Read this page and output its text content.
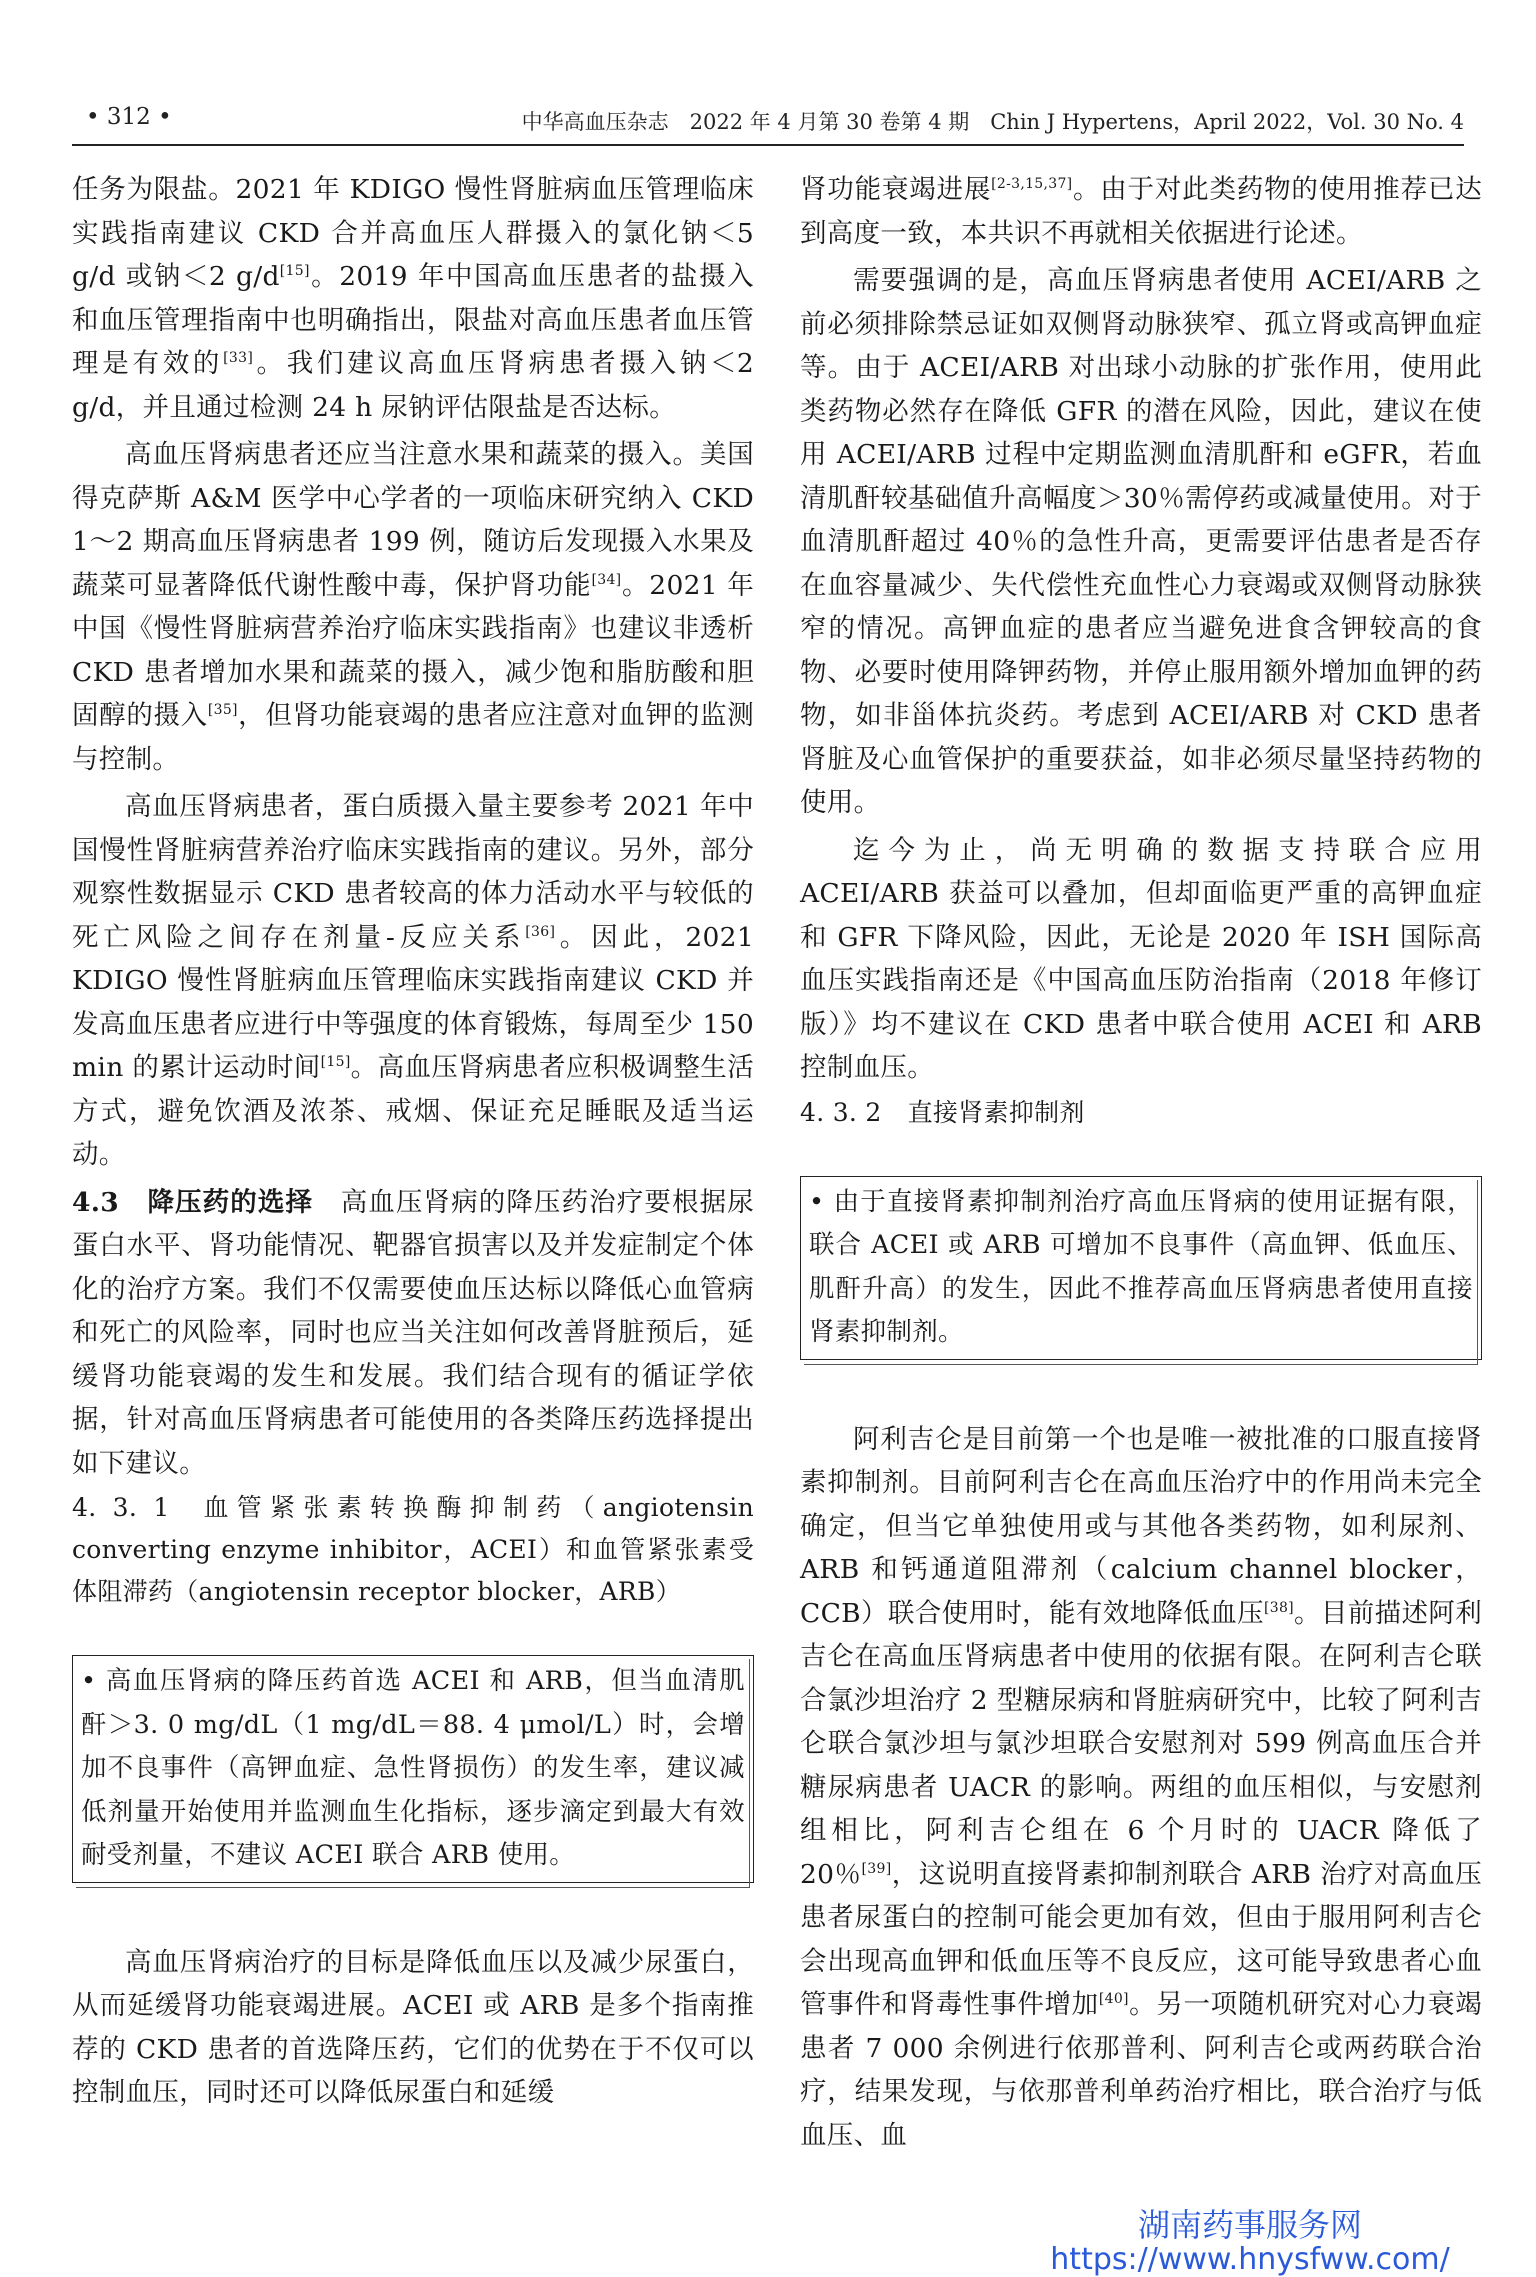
• 312 •	中华高血压杂志　2022 年 4 月第 30 卷第 4 期　Chin J Hypertens，April 2022，Vol. 30 No. 4

任务为限盐。2021 年 KDIGO 慢性肾脏病血压管理临床实践指南建议 CKD 合并高血压人群摄入的氯化钠＜5 g/d 或钠＜2 g/d[15]。2019 年中国高血压患者的盐摄入和血压管理指南中也明确指出，限盐对高血压患者血压管理是有效的[33]。我们建议高血压肾病患者摄入钠＜2 g/d，并且通过检测 24 h 尿钠评估限盐是否达标。

高血压肾病患者还应当注意水果和蔬菜的摄入。美国得克萨斯 A&M 医学中心学者的一项临床研究纳入 CKD 1～2 期高血压肾病患者 199 例，随访后发现摄入水果及蔬菜可显著降低代谢性酸中毒，保护肾功能[34]。2021 年中国《慢性肾脏病营养治疗临床实践指南》也建议非透析 CKD 患者增加水果和蔬菜的摄入，减少饱和脂肪酸和胆固醇的摄入[35]，但肾功能衰竭的患者应注意对血钾的监测与控制。

高血压肾病患者，蛋白质摄入量主要参考 2021 年中国慢性肾脏病营养治疗临床实践指南的建议。另外，部分观察性数据显示 CKD 患者较高的体力活动水平与较低的死亡风险之间存在剂量-反应关系[36]。因此，2021 KDIGO 慢性肾脏病血压管理临床实践指南建议 CKD 并发高血压患者应进行中等强度的体育锻炼，每周至少 150 min 的累计运动时间[15]。高血压肾病患者应积极调整生活方式，避免饮酒及浓茶、戒烟、保证充足睡眠及适当运动。

4.3　 降压药的选择　 高血压肾病的降压药治疗要根据尿蛋白水平、肾功能情况、靶器官损害以及并发症制定个体化的治疗方案。我们不仅需要使血压达标以降低心血管病和死亡的风险率，同时也应当关注如何改善肾脏预后，延缓肾功能衰竭的发生和发展。我们结合现有的循证学依据，针对高血压肾病患者可能使用的各类降压药选择提出如下建议。

4. 3. 1 血管紧张素转换酶抑制药（angiotensin converting enzyme inhibitor，ACEI）和血管紧张素受体阻滞药（angiotensin receptor blocker，ARB）
• 高血压肾病的降压药首选 ACEI 和 ARB，但当血清肌酐＞3. 0 mg/dL（1 mg/dL＝88. 4 μmol/L）时，会增加不良事件（高钾血症、急性肾损伤）的发生率，建议减低剂量开始使用并监测血生化指标，逐步滴定到最大有效耐受剂量，不建议 ACEI 联合 ARB 使用。

高血压肾病治疗的目标是降低血压以及减少尿蛋白，从而延缓肾功能衰竭进展。ACEI 或 ARB 是多个指南推荐的 CKD 患者的首选降压药，它们的优势在于不仅可以控制血压，同时还可以降低尿蛋白和延缓

肾功能衰竭进展[2-3,15,37]。由于对此类药物的使用推荐已达到高度一致，本共识不再就相关依据进行论述。

需要强调的是，高血压肾病患者使用 ACEI/ARB 之前必须排除禁忌证如双侧肾动脉狭窄、孤立肾或高钾血症等。由于 ACEI/ARB 对出球小动脉的扩张作用，使用此类药物必然存在降低 GFR 的潜在风险，因此，建议在使用 ACEI/ARB 过程中定期监测血清肌酐和 eGFR，若血清肌酐较基础值升高幅度＞30％需停药或减量使用。对于血清肌酐超过 40％的急性升高，更需要评估患者是否存在血容量减少、失代偿性充血性心力衰竭或双侧肾动脉狭窄的情况。高钾血症的患者应当避免进食含钾较高的食物、必要时使用降钾药物，并停止服用额外增加血钾的药物，如非甾体抗炎药。考虑到 ACEI/ARB 对 CKD 患者肾脏及心血管保护的重要获益，如非必须尽量坚持药物的使用。

迄今为止，尚无明确的数据支持联合应用 ACEI/ARB 获益可以叠加，但却面临更严重的高钾血症和 GFR 下降风险，因此，无论是 2020 年 ISH 国际高血压实践指南还是《中国高血压防治指南（2018 年修订版）》均不建议在 CKD 患者中联合使用 ACEI 和 ARB 控制血压。

4. 3. 2 直接肾素抑制剂
• 由于直接肾素抑制剂治疗高血压肾病的使用证据有限，联合 ACEI 或 ARB 可增加不良事件（高血钾、低血压、肌酐升高）的发生，因此不推荐高血压肾病患者使用直接肾素抑制剂。

阿利吉仑是目前第一个也是唯一被批准的口服直接肾素抑制剂。目前阿利吉仑在高血压治疗中的作用尚未完全确定，但当它单独使用或与其他各类药物，如利尿剂、ARB 和钙通道阻滞剂（calcium channel blocker，CCB）联合使用时，能有效地降低血压[38]。目前描述阿利吉仑在高血压肾病患者中使用的依据有限。在阿利吉仑联合氯沙坦治疗 2 型糖尿病和肾脏病研究中，比较了阿利吉仑联合氯沙坦与氯沙坦联合安慰剂对 599 例高血压合并糖尿病患者 UACR 的影响。两组的血压相似，与安慰剂组相比，阿利吉仑组在 6 个月时的 UACR 降低了 20％[39]，这说明直接肾素抑制剂联合 ARB 治疗对高血压患者尿蛋白的控制可能会更加有效，但由于服用阿利吉仑会出现高血钾和低血压等不良反应，这可能导致患者心血管事件和肾毒性事件增加[40]。另一项随机研究对心力衰竭患者 7 000 余例进行依那普利、阿利吉仑或两药联合治疗，结果发现，与依那普利单药治疗相比，联合治疗与低血压、血

湖南药事服务网
https://www.hnysfww.com/
